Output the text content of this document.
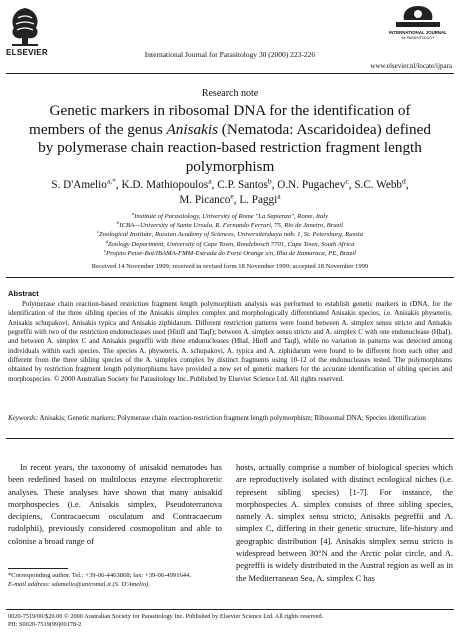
ELSEVIER
INTERNATIONAL JOURNAL
for PARASITOLOGY
International Journal for Parasitology 30 (2000) 223-226
www.elsevier.nl/locate/ijpara
Research note
Genetic markers in ribosomal DNA for the identification of
members of the genus Anisakis (Nematoda: Ascaridoidea) defined
by polymerase chain reaction-based restriction fragment length
polymorphism
S. D'Amelio$^{a,*}$, K.D. Mathiopoulos$^a$, C.P. Santos$^b$, O.N. Pugachev$^c$, S.C. Webb$^d$,
M. Picanco$^e$, L. Paggi$^a$
$^a$Institute of Parasitology, University of Rome "La Sapienza", Rome, Italy
$^b$ICBA—University of Santa Ursula, R. Fernando Ferrari, 75, Rio de Janeiro, Brazil
$^c$Zoological Institute, Russian Academy of Sciences, Universitetskaya nab. 1, St. Petersburg, Russia
$^d$Zoology Department, University of Cape Town, Rondebosch 7701, Cape Town, South Africa
$^e$Projeto Peixe-Boi/IBAMA-FMM-Estrada do Forte Orange s/n, Ilha de Itamaraca, PE, Brazil
Received 14 November 1999; received in revised form 18 November 1999; accepted 18 November 1999
Abstract
Polymerase chain reaction-based restriction fragment length polymorphism analysis was performed to establish genetic markers in rDNA, for the identification of the three sibling species of the Anisakis simplex complex and morphologically differentiated Anisakis species, i.e. Anisakis physeteris, Anisakis schupakovi, Anisakis typica and Anisakis ziphidarum. Different restriction patterns were found between A. simplex sensu stricto and Anisakis pegreffii with two of the restriction endonucleases used (HinfI and TaqI); between A. simplex sensu stricto and A. simplex C with one endonuclease (HhaI), and between A. simplex C and Anisakis pegreffii with three endonucleases (HhaI, HinfI and TaqI), while no variation in patterns was detected among individuals within each species. The species A. physeteris, A. schupakovi, A. typica and A. ziphidarum were found to be different from each other and different from the three sibling species of the A. simplex complex by distinct fragments using 10-12 of the endonucleases tested. The polymorphisms obtained by restriction fragment length polymorphisms have provided a new set of genetic markers for the accurate identification of sibling species and morphospecies. © 2000 Australian Society for Parasitology Inc. Published by Elsevier Science Ltd. All rights reserved.
Keywords: Anisakis; Genetic markers; Polymerase chain reaction-restriction fragment length polymorphism; Ribosomal DNA; Species identification
In recent years, the taxonomy of anisakid nematodes has been redefined based on multilocus enzyme electrophoretic analyses. These analyses have shown that many anisakid morphospecies (i.e. Anisakis simplex, Pseudoterranova decipiens, Contracaecum osculatum and Contracaecum rudolphii), previously considered cosmopolitan and able to colonise a broad range of
hosts, actually comprise a number of biological species which are reproductively isolated with distinct ecological niches (i.e. represent sibling species) [1-7]. For instance, the morphospecies A. simplex consists of three sibling species, namely A. simplex sensu stricto, Anisakis pegreffii and A. simplex C, differing in their genetic structure, life-history and geographic distribution [4]. Anisakis simplex sensu stricto is widespread between 30°N and the Arctic polar circle, and A. pegreffii is widely distributed in the Austral region as well as in the Mediterranean Sea, A. simplex C has
*Corresponding author. Tel.: +39-06-4463868; fax: +39-06-4991644.
E-mail address: sdamelio@uniromal.it (S. D'Amelio).
0020-7519/00/$20.00 © 2000 Australian Society for Parasitology Inc. Published by Elsevier Science Ltd. All rights reserved.
PII: S0020-7519(99)00178-2
